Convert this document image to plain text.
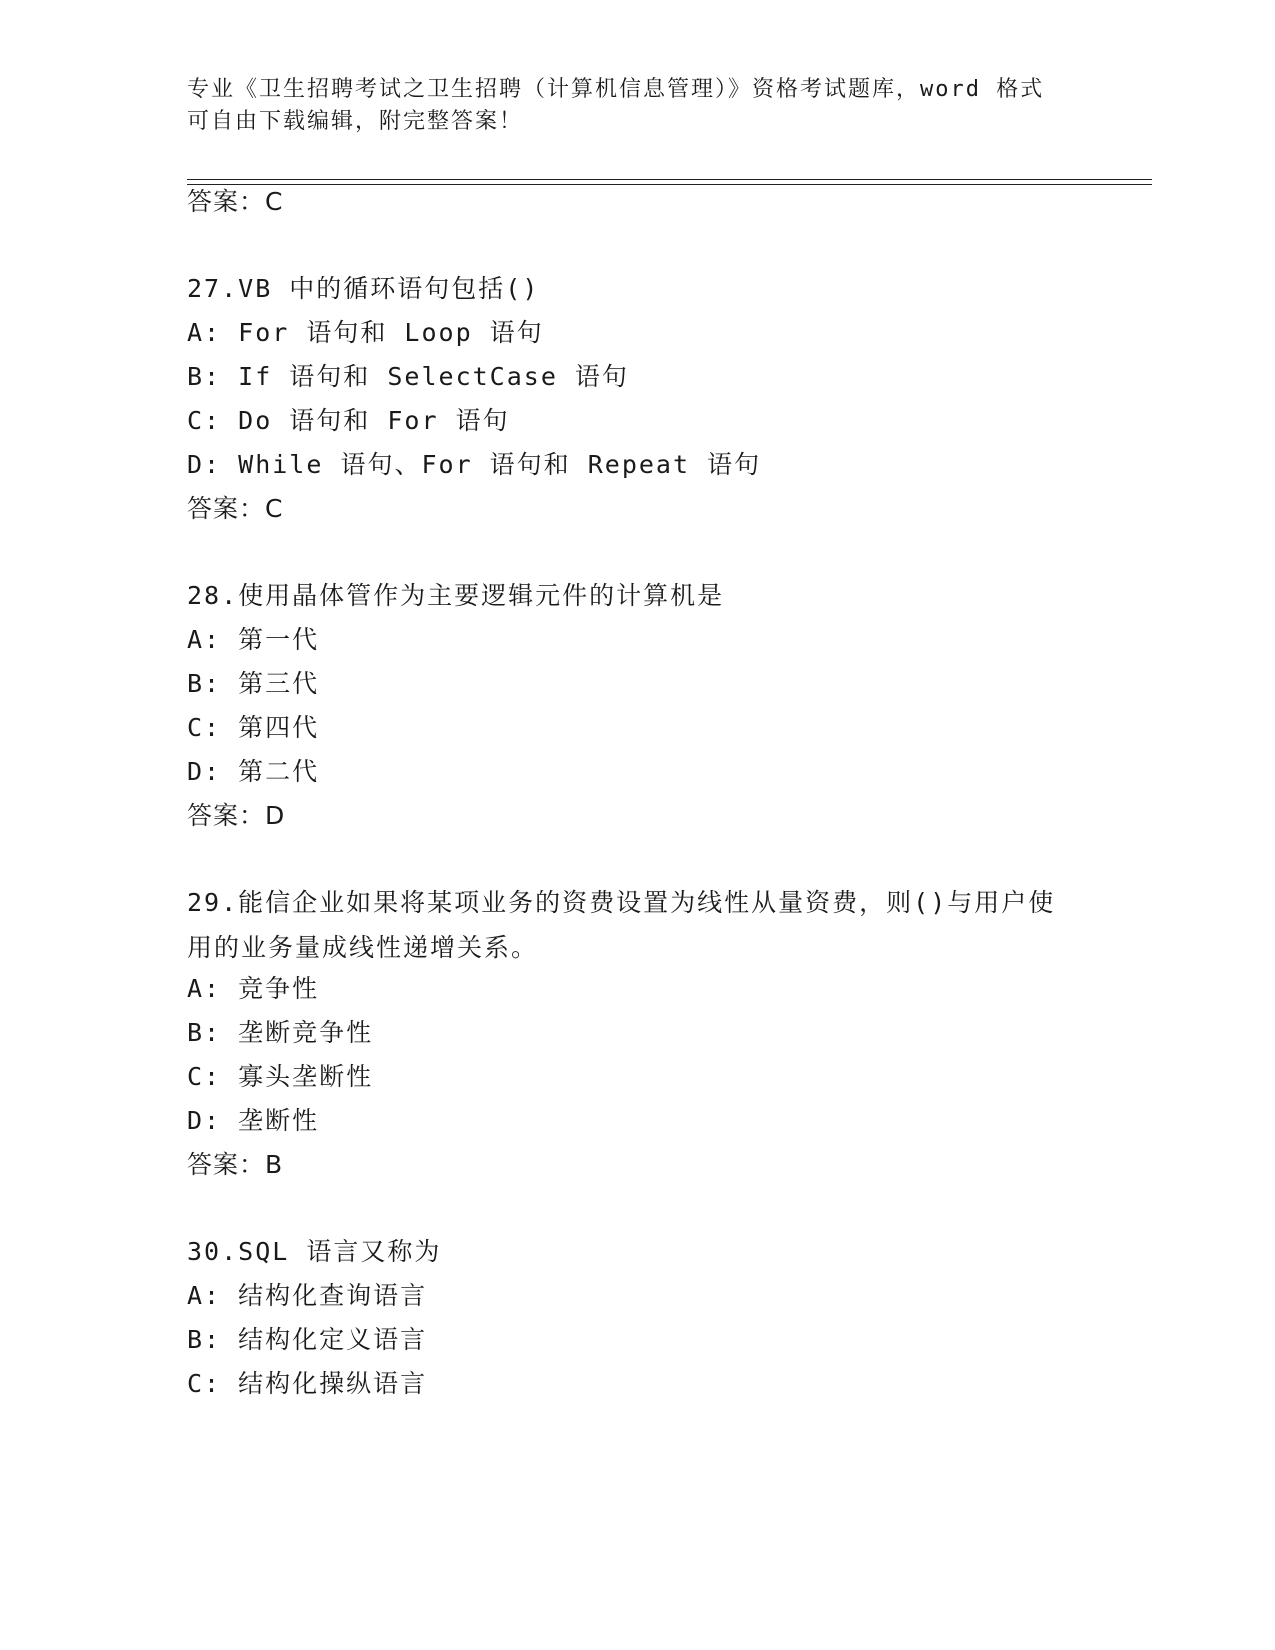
专业《卫生招聘考试之卫生招聘（计算机信息管理）》资格考试题库，word 格式可自由下载编辑，附完整答案！
答案：C
27.VB 中的循环语句包括()
A: For 语句和 Loop 语句
B: If 语句和 SelectCase 语句
C: Do 语句和 For 语句
D: While 语句、For 语句和 Repeat 语句
答案：C
28.使用晶体管作为主要逻辑元件的计算机是
A: 第一代
B: 第三代
C: 第四代
D: 第二代
答案：D
29.能信企业如果将某项业务的资费设置为线性从量资费，则()与用户使用的业务量成线性递增关系。
A: 竞争性
B: 垄断竞争性
C: 寡头垄断性
D: 垄断性
答案：B
30.SQL 语言又称为
A: 结构化查询语言
B: 结构化定义语言
C: 结构化操纵语言
